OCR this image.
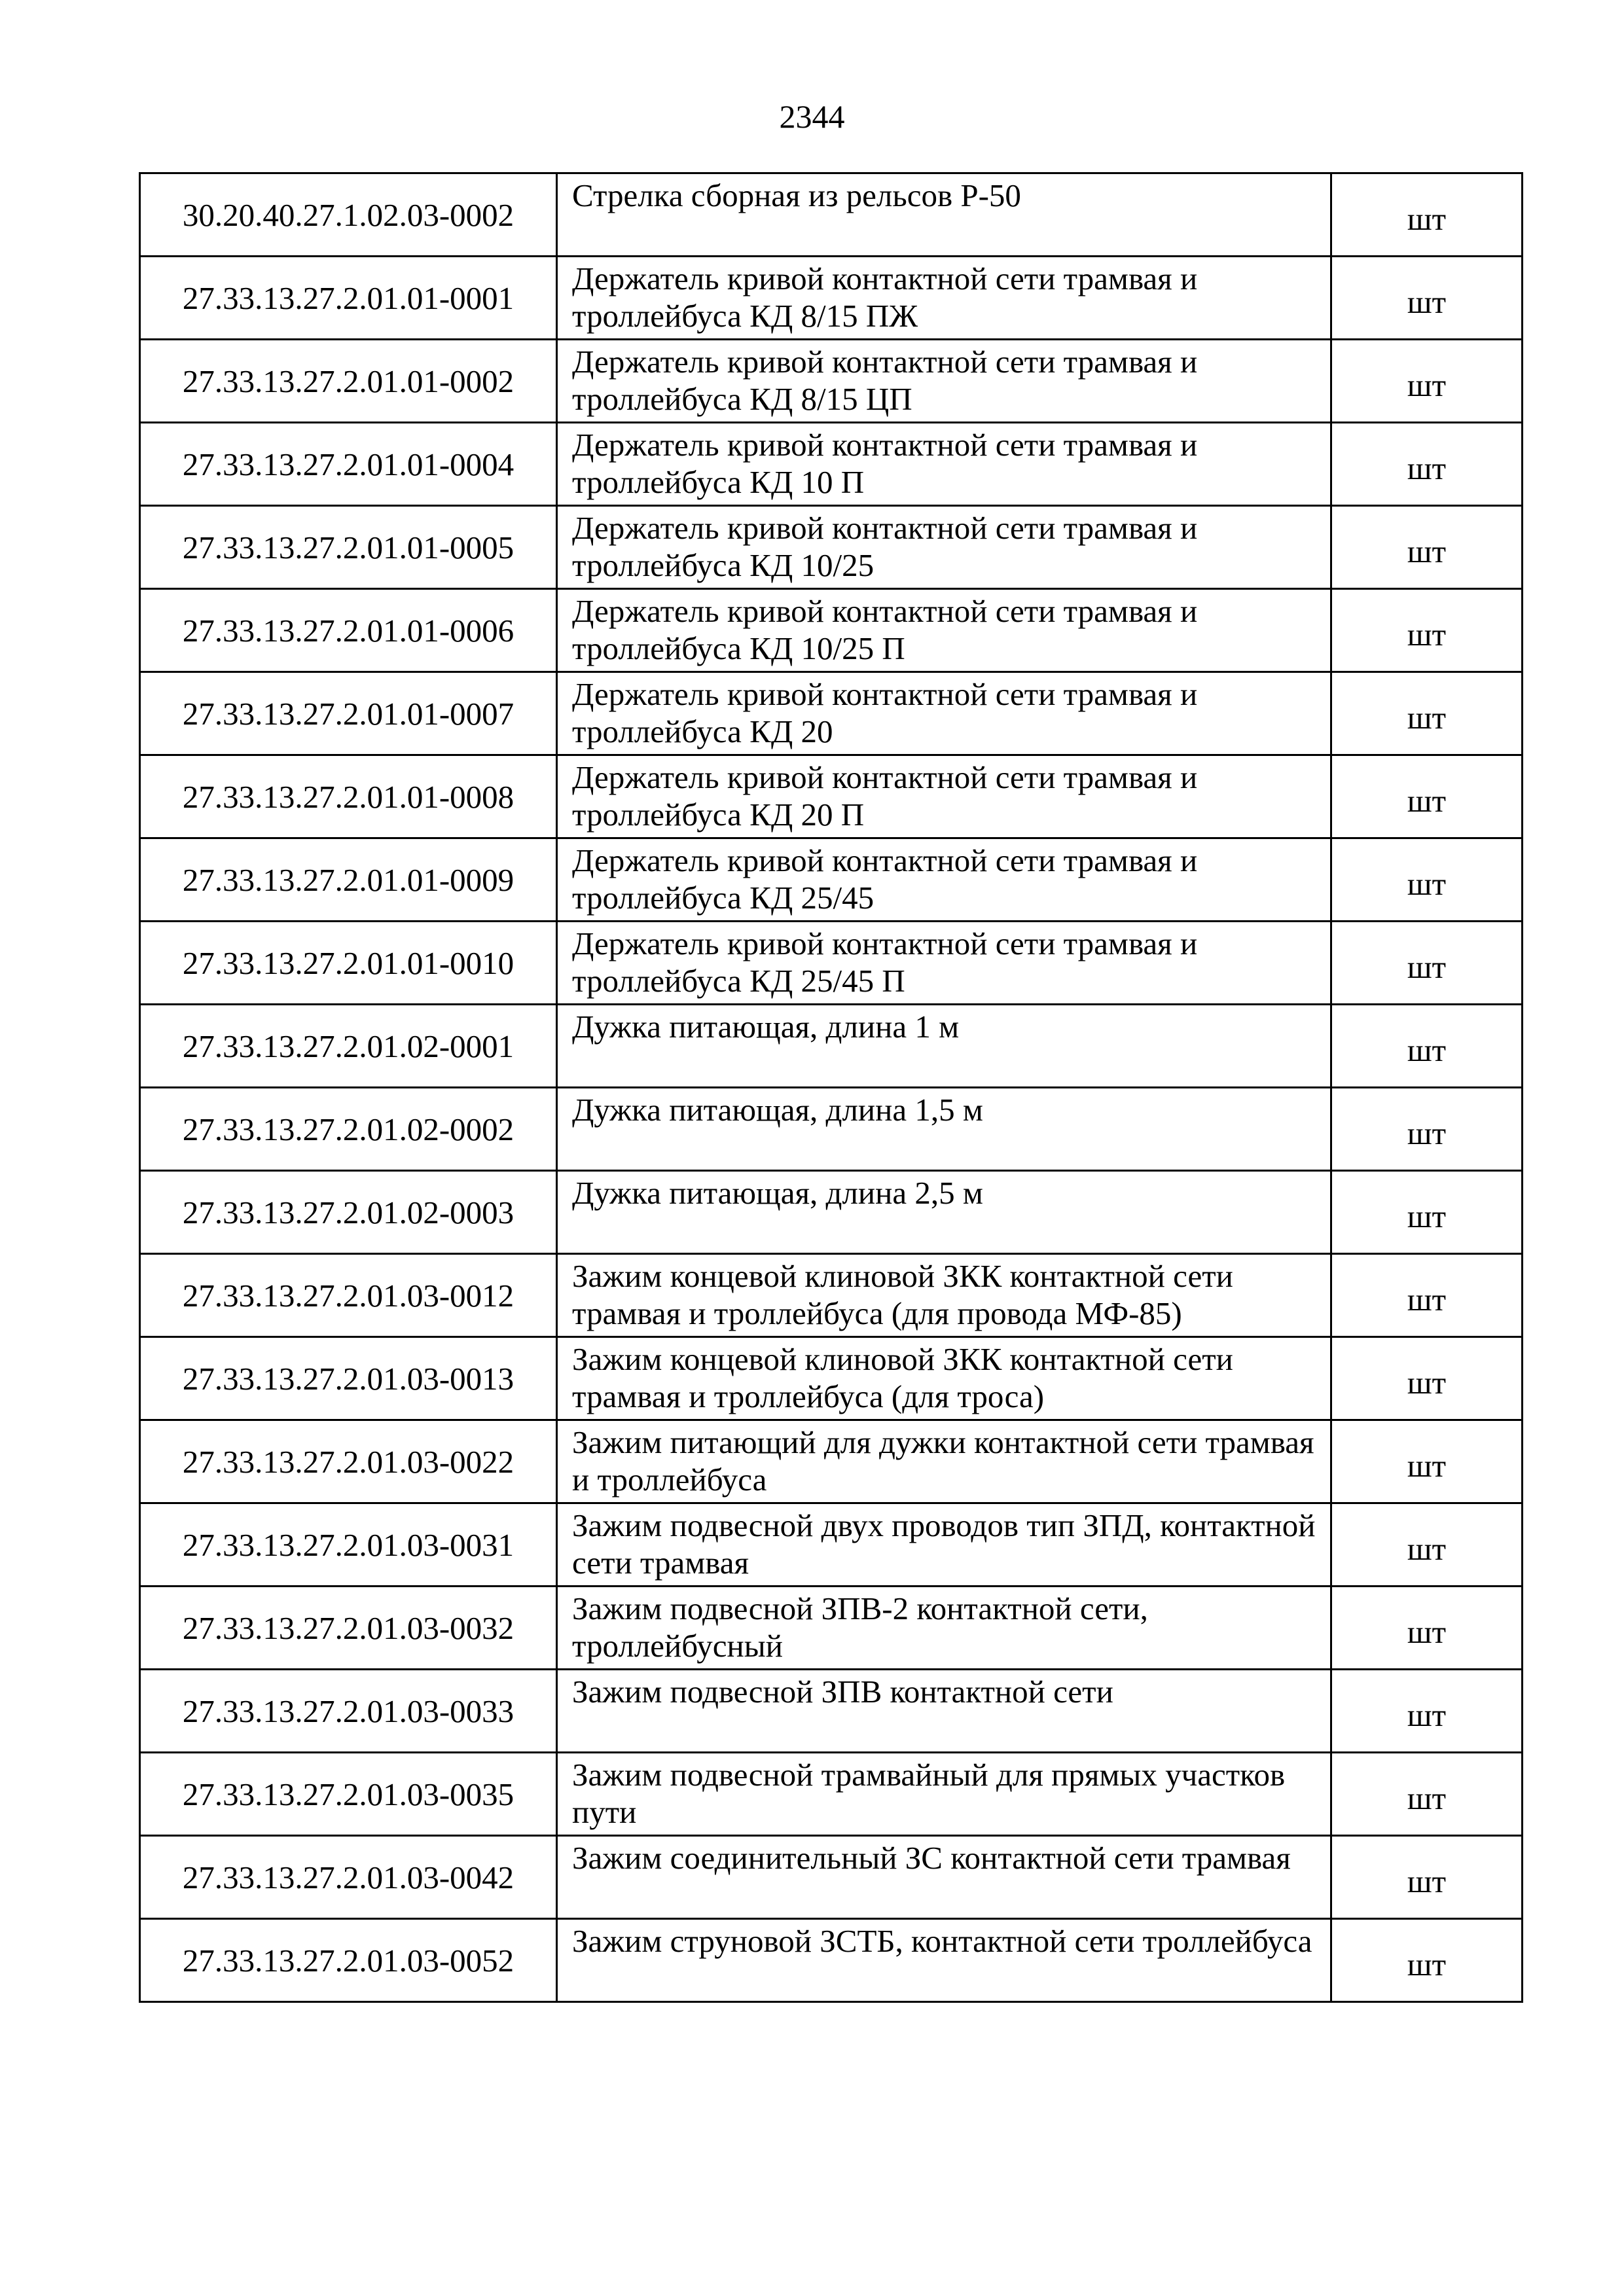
2344
30.20.40.27.1.02.03-0002	Стрелка сборная из рельсов Р-50	шт
27.33.13.27.2.01.01-0001	Держатель кривой контактной сети трамвая и троллейбуса КД 8/15 ПЖ	шт
27.33.13.27.2.01.01-0002	Держатель кривой контактной сети трамвая и троллейбуса КД 8/15 ЦП	шт
27.33.13.27.2.01.01-0004	Держатель кривой контактной сети трамвая и троллейбуса КД 10 П	шт
27.33.13.27.2.01.01-0005	Держатель кривой контактной сети трамвая и троллейбуса КД 10/25	шт
27.33.13.27.2.01.01-0006	Держатель кривой контактной сети трамвая и троллейбуса КД 10/25 П	шт
27.33.13.27.2.01.01-0007	Держатель кривой контактной сети трамвая и троллейбуса КД 20	шт
27.33.13.27.2.01.01-0008	Держатель кривой контактной сети трамвая и троллейбуса КД 20 П	шт
27.33.13.27.2.01.01-0009	Держатель кривой контактной сети трамвая и троллейбуса КД 25/45	шт
27.33.13.27.2.01.01-0010	Держатель кривой контактной сети трамвая и троллейбуса КД 25/45 П	шт
27.33.13.27.2.01.02-0001	Дужка питающая, длина 1 м	шт
27.33.13.27.2.01.02-0002	Дужка питающая, длина 1,5 м	шт
27.33.13.27.2.01.02-0003	Дужка питающая, длина 2,5 м	шт
27.33.13.27.2.01.03-0012	Зажим концевой клиновой ЗКК контактной сети трамвая и троллейбуса (для провода МФ-85)	шт
27.33.13.27.2.01.03-0013	Зажим концевой клиновой ЗКК контактной сети трамвая и троллейбуса (для троса)	шт
27.33.13.27.2.01.03-0022	Зажим питающий для дужки контактной сети трамвая и троллейбуса	шт
27.33.13.27.2.01.03-0031	Зажим подвесной двух проводов тип ЗПД, контактной сети трамвая	шт
27.33.13.27.2.01.03-0032	Зажим подвесной ЗПВ-2 контактной сети, троллейбусный	шт
27.33.13.27.2.01.03-0033	Зажим подвесной ЗПВ контактной сети	шт
27.33.13.27.2.01.03-0035	Зажим подвесной трамвайный для прямых участков пути	шт
27.33.13.27.2.01.03-0042	Зажим соединительный ЗС контактной сети трамвая	шт
27.33.13.27.2.01.03-0052	Зажим струновой ЗСТБ, контактной сети троллейбуса	шт
